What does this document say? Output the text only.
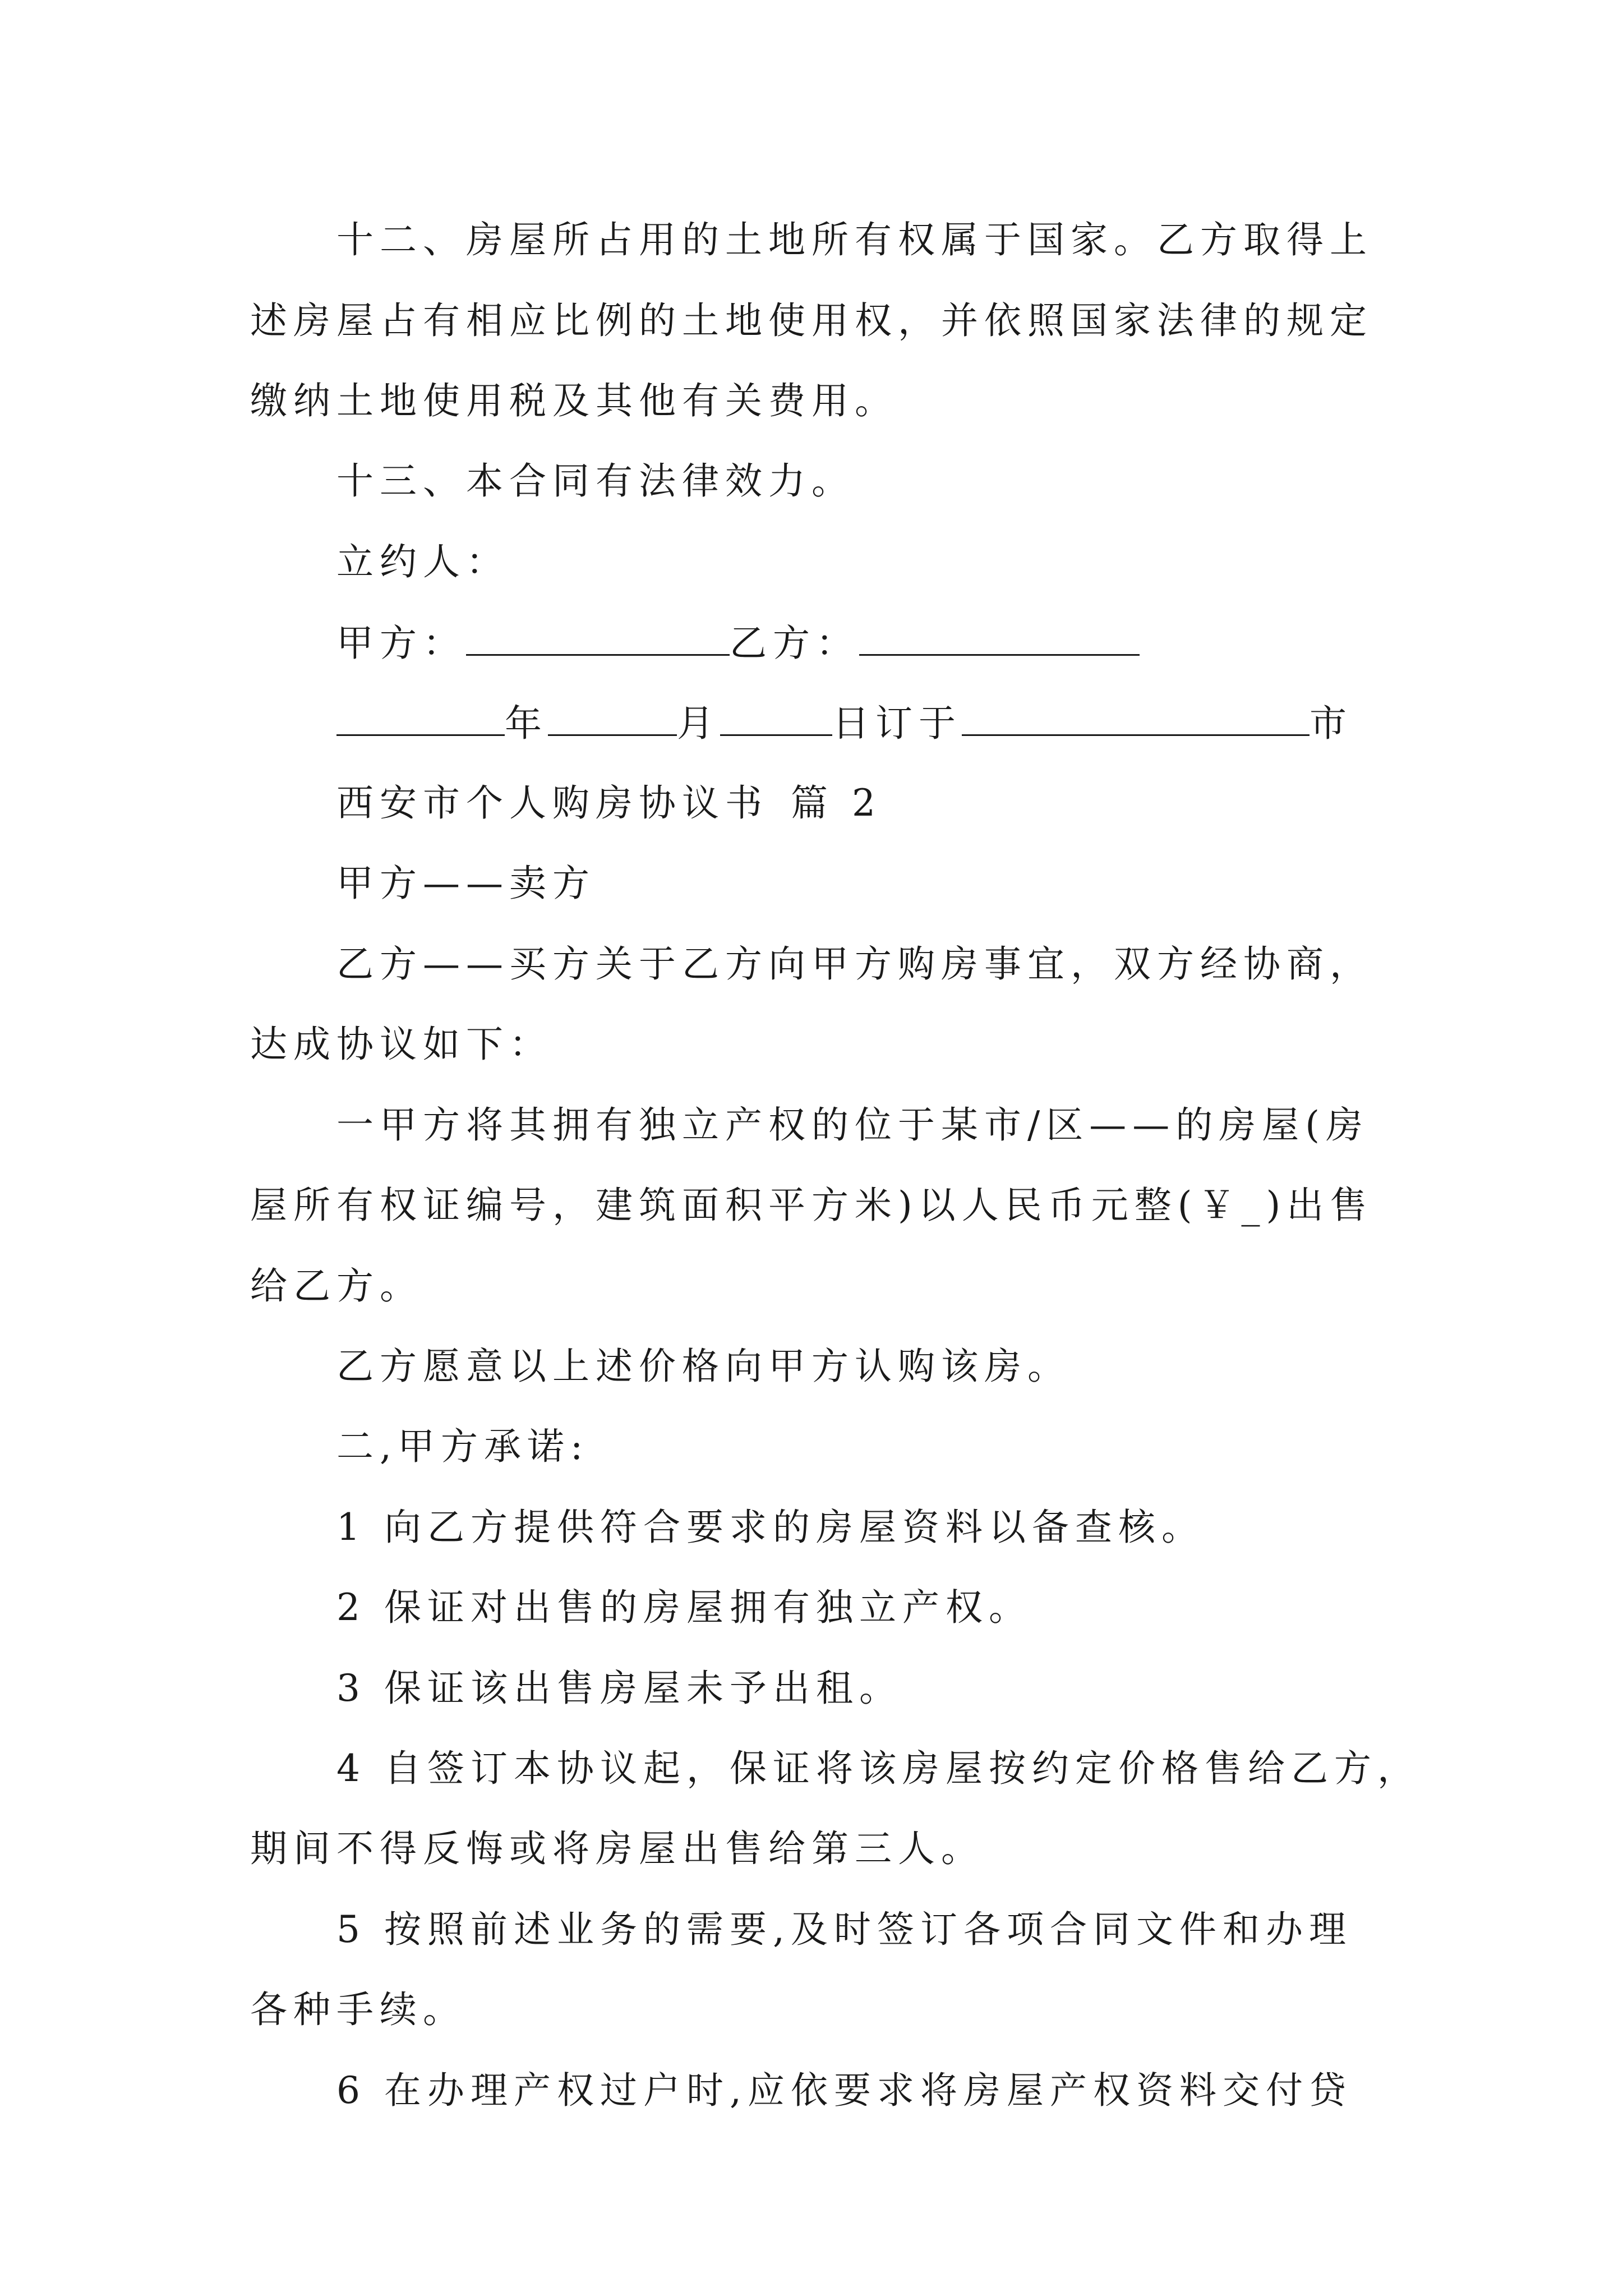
十二、房屋所占用的土地所有权属于国家。乙方取得上
述房屋占有相应比例的土地使用权，并依照国家法律的规定
缴纳土地使用税及其他有关费用。
十三、本合同有法律效力。
立约人：
甲方：	乙方：
年	月	日订于	市
西安市个人购房协议书 篇 2
甲方——卖方
乙方——买方关于乙方向甲方购房事宜，双方经协商，
达成协议如下：
一甲方将其拥有独立产权的位于某市/区——的房屋(房
屋所有权证编号，建筑面积平方米)以人民币元整(￥_)出售
给乙方。
乙方愿意以上述价格向甲方认购该房。
二,甲方承诺:
1 向乙方提供符合要求的房屋资料以备查核。
2 保证对出售的房屋拥有独立产权。
3 保证该出售房屋未予出租。
4 自签订本协议起，保证将该房屋按约定价格售给乙方，
期间不得反悔或将房屋出售给第三人。
5 按照前述业务的需要,及时签订各项合同文件和办理
各种手续。
6 在办理产权过户时,应依要求将房屋产权资料交付贷
